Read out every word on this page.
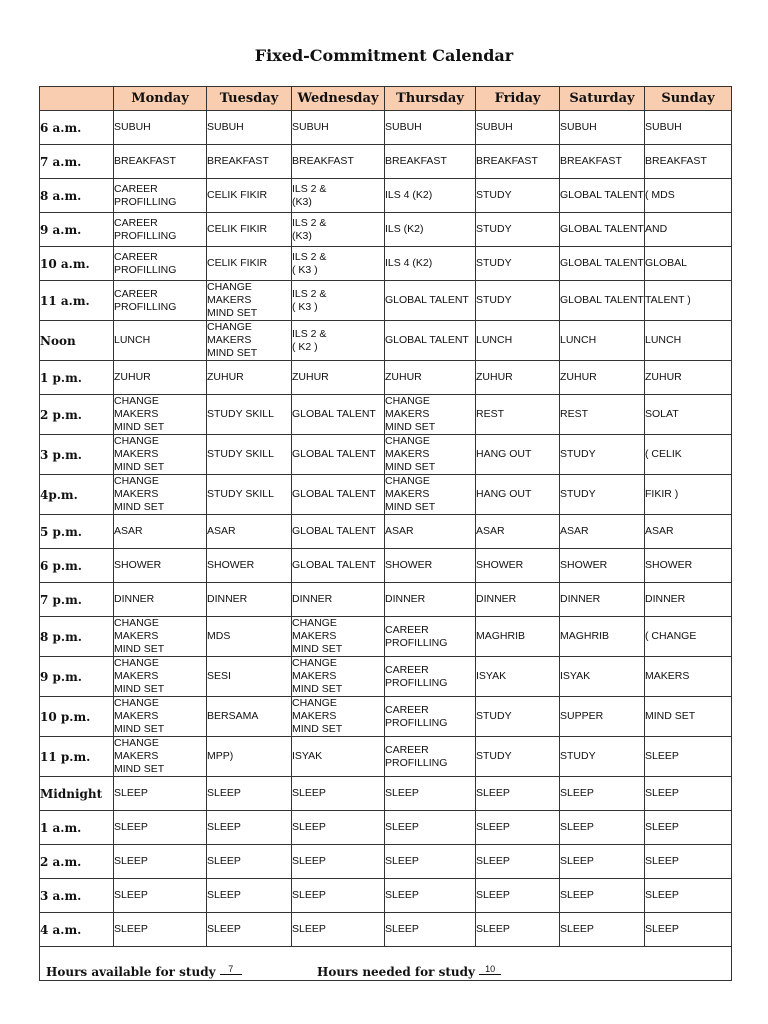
Fixed-Commitment Calendar
	Monday	Tuesday	Wednesday	Thursday	Friday	Saturday	Sunday
6 a.m.	SUBUH	SUBUH	SUBUH	SUBUH	SUBUH	SUBUH	SUBUH
7 a.m.	BREAKFAST	BREAKFAST	BREAKFAST	BREAKFAST	BREAKFAST	BREAKFAST	BREAKFAST
8 a.m.	CAREER
PROFILLING	CELIK FIKIR	ILS 2 &
(K3)	ILS 4 (K2)	STUDY	GLOBAL TALENT	( MDS
9 a.m.	CAREER
PROFILLING	CELIK FIKIR	ILS 2 &
(K3)	ILS (K2)	STUDY	GLOBAL TALENT	AND
10 a.m.	CAREER
PROFILLING	CELIK FIKIR	ILS 2 &
( K3 )	ILS 4 (K2)	STUDY	GLOBAL TALENT	GLOBAL
11 a.m.	CAREER
PROFILLING	CHANGE MAKERS
MIND SET	ILS 2 &
( K3 )	GLOBAL TALENT	STUDY	GLOBAL TALENT	TALENT )
Noon	LUNCH	CHANGE MAKERS
MIND SET	ILS 2 &
( K2 )	GLOBAL TALENT	LUNCH	LUNCH	LUNCH
1 p.m.	ZUHUR	ZUHUR	ZUHUR	ZUHUR	ZUHUR	ZUHUR	ZUHUR
2 p.m.	CHANGE MAKERS
MIND SET	STUDY SKILL	GLOBAL TALENT	CHANGE MAKERS
MIND SET	REST	REST	SOLAT
3 p.m.	CHANGE MAKERS
MIND SET	STUDY SKILL	GLOBAL TALENT	CHANGE MAKERS
MIND SET	HANG OUT	STUDY	( CELIK
4p.m.	CHANGE MAKERS
MIND SET	STUDY SKILL	GLOBAL TALENT	CHANGE MAKERS
MIND SET	HANG OUT	STUDY	FIKIR )
5 p.m.	ASAR	ASAR	GLOBAL TALENT	ASAR	ASAR	ASAR	ASAR
6 p.m.	SHOWER	SHOWER	GLOBAL TALENT	SHOWER	SHOWER	SHOWER	SHOWER
7 p.m.	DINNER	DINNER	DINNER	DINNER	DINNER	DINNER	DINNER
8 p.m.	CHANGE MAKERS
MIND SET	MDS	CHANGE MAKERS
MIND SET	CAREER
PROFILLING	MAGHRIB	MAGHRIB	( CHANGE
9 p.m.	CHANGE MAKERS
MIND SET	SESI	CHANGE MAKERS
MIND SET	CAREER
PROFILLING	ISYAK	ISYAK	MAKERS
10 p.m.	CHANGE MAKERS
MIND SET	BERSAMA	CHANGE MAKERS
MIND SET	CAREER
PROFILLING	STUDY	SUPPER	MIND SET
11 p.m.	CHANGE MAKERS
MIND SET	MPP)	ISYAK	CAREER
PROFILLING	STUDY	STUDY	SLEEP
Midnight	SLEEP	SLEEP	SLEEP	SLEEP	SLEEP	SLEEP	SLEEP
1 a.m.	SLEEP	SLEEP	SLEEP	SLEEP	SLEEP	SLEEP	SLEEP
2 a.m.	SLEEP	SLEEP	SLEEP	SLEEP	SLEEP	SLEEP	SLEEP
3 a.m.	SLEEP	SLEEP	SLEEP	SLEEP	SLEEP	SLEEP	SLEEP
4 a.m.	SLEEP	SLEEP	SLEEP	SLEEP	SLEEP	SLEEP	SLEEP

Hours available for study 7 Hours needed for study 10							
